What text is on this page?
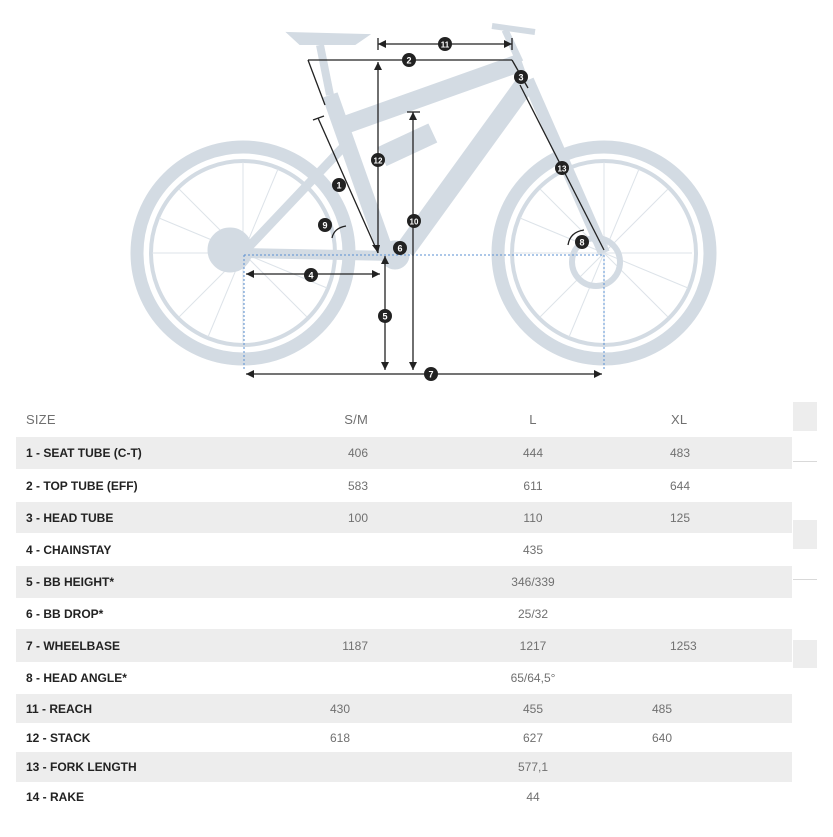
1
2
3
4
5
6
7
8
9	10
11
12
13
SIZE	S/M	L	XL
1 - SEAT TUBE (C-T)	406	444	483
2 - TOP TUBE (EFF)	583	611	644
3 - HEAD TUBE	100	110	125
4 - CHAINSTAY		435	
5 - BB HEIGHT*		346/339	
6 - BB DROP*		25/32	
7 - WHEELBASE	1187	1217	1253
8 - HEAD ANGLE*		65/64,5°	
11 - REACH	430	455	485
12 - STACK	618	627	640
13 - FORK LENGTH		577,1	
14 - RAKE		44	
